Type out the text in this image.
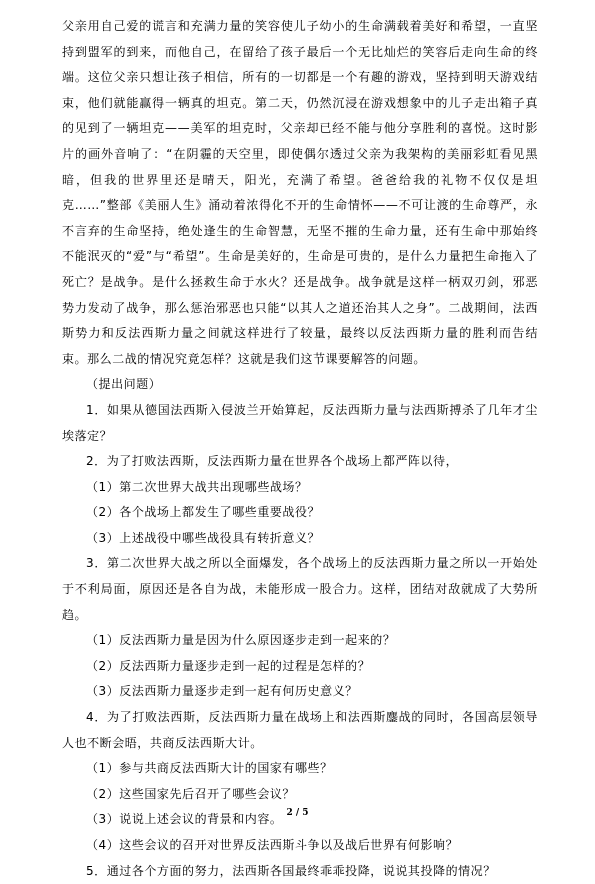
父亲用自己爱的谎言和充满力量的笑容使儿子幼小的生命满载着美好和希望，一直坚持到盟军的到来，而他自己，在留给了孩子最后一个无比灿烂的笑容后走向生命的终端。这位父亲只想让孩子相信，所有的一切都是一个有趣的游戏，坚持到明天游戏结束，他们就能赢得一辆真的坦克。第二天，仍然沉浸在游戏想象中的儿子走出箱子真的见到了一辆坦克——美军的坦克时，父亲却已经不能与他分享胜利的喜悦。这时影片的画外音响了：“在阴霾的天空里，即使偶尔透过父亲为我架构的美丽彩虹看见黑暗，但我的世界里还是晴天，阳光，充满了希望。爸爸给我的礼物不仅仅是坦克……”整部《美丽人生》涌动着浓得化不开的生命情怀——不可让渡的生命尊严，永不言弃的生命坚持，绝处逢生的生命智慧，无坚不摧的生命力量，还有生命中那始终不能泯灭的“爱”与“希望”。生命是美好的，生命是可贵的，是什么力量把生命拖入了死亡？是战争。是什么拯救生命于水火？还是战争。战争就是这样一柄双刃剑，邪恶势力发动了战争，那么惩治邪恶也只能“以其人之道还治其人之身”。二战期间，法西斯势力和反法西斯力量之间就这样进行了较量，最终以反法西斯力量的胜利而告结束。那么二战的情况究竟怎样？这就是我们这节课要解答的问题。

（提出问题）

1．如果从德国法西斯入侵波兰开始算起，反法西斯力量与法西斯搏杀了几年才尘埃落定？

2．为了打败法西斯，反法西斯力量在世界各个战场上都严阵以待，

（1）第二次世界大战共出现哪些战场？

（2）各个战场上都发生了哪些重要战役？

（3）上述战役中哪些战役具有转折意义？

3．第二次世界大战之所以全面爆发，各个战场上的反法西斯力量之所以一开始处于不利局面，原因还是各自为战，未能形成一股合力。这样，团结对敌就成了大势所趋。

（1）反法西斯力量是因为什么原因逐步走到一起来的？

（2）反法西斯力量逐步走到一起的过程是怎样的？

（3）反法西斯力量逐步走到一起有何历史意义？

4．为了打败法西斯，反法西斯力量在战场上和法西斯鏖战的同时，各国高层领导人也不断会晤，共商反法西斯大计。

（1）参与共商反法西斯大计的国家有哪些？

（2）这些国家先后召开了哪些会议？

（3）说说上述会议的背景和内容。

（4）这些会议的召开对世界反法西斯斗争以及战后世界有何影响？

5．通过各个方面的努力，法西斯各国最终乖乖投降，说说其投降的情况？

2 / 5
